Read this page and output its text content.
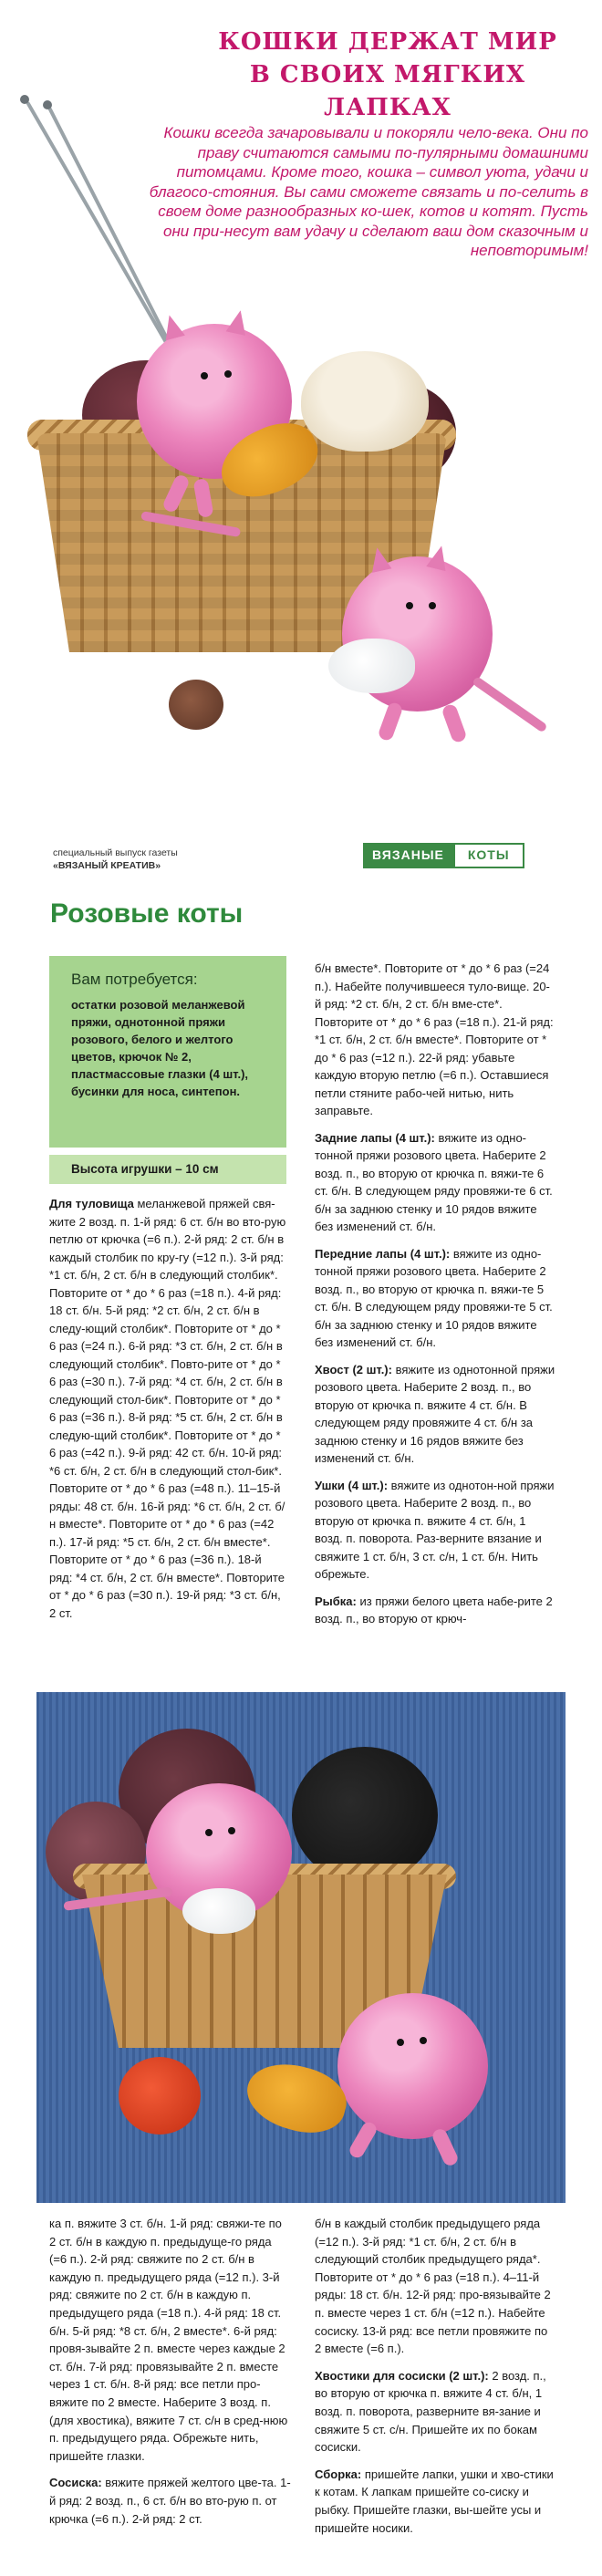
КОШКИ ДЕРЖАТ МИР
В СВОИХ МЯГКИХ ЛАПКАХ

Кошки всегда зачаровывали и покоряли чело-века. Они по праву считаются самыми по-пулярными домашними питомцами. Кроме того, кошка – символ уюта, удачи и благосо-стояния. Вы сами сможете связать и по-селить в своем доме разнообразных ко-шек, котов и котят. Пусть они при-несут вам удачу и сделают ваш дом сказочным и неповторимым!

специальный выпуск газеты
«ВЯЗАНЫЙ КРЕАТИВ»
ВЯЗАНЫЕ	КОТЫ
Розовые коты
Вам потребуется:
остатки розовой меланжевой пряжи, однотонной пряжи розового, белого и желтого цветов, крючок № 2, пластмассовые глазки (4 шт.), бусинки для носа, синтепон.
Высота игрушки – 10 см

Для туловища меланжевой пряжей свя-жите 2 возд. п. 1-й ряд: 6 ст. б/н во вто-рую петлю от крючка (=6 п.). 2-й ряд: 2 ст. б/н в каждый столбик по кру-гу (=12 п.). 3-й ряд: *1 ст. б/н, 2 ст. б/н в следующий столбик*. Повторите от * до * 6 раз (=18 п.). 4-й ряд: 18 ст. б/н. 5-й ряд: *2 ст. б/н, 2 ст. б/н в следу-ющий столбик*. Повторите от * до * 6 раз (=24 п.). 6-й ряд: *3 ст. б/н, 2 ст. б/н в следующий столбик*. Повто-рите от * до * 6 раз (=30 п.). 7-й ряд: *4 ст. б/н, 2 ст. б/н в следующий стол-бик*. Повторите от * до * 6 раз (=36 п.). 8-й ряд: *5 ст. б/н, 2 ст. б/н в следую-щий столбик*. Повторите от * до * 6 раз (=42 п.). 9-й ряд: 42 ст. б/н. 10-й ряд: *6 ст. б/н, 2 ст. б/н в следующий стол-бик*. Повторите от * до * 6 раз (=48 п.). 11–15-й ряды: 48 ст. б/н. 16-й ряд: *6 ст. б/н, 2 ст. б/н вместе*. Повторите от * до * 6 раз (=42 п.). 17-й ряд: *5 ст. б/н, 2 ст. б/н вместе*. Повторите от * до * 6 раз (=36 п.). 18-й ряд: *4 ст. б/н, 2 ст. б/н вместе*. Повторите от * до * 6 раз (=30 п.). 19-й ряд: *3 ст. б/н, 2 ст.

б/н вместе*. Повторите от * до * 6 раз (=24 п.). Набейте получившееся туло-вище. 20-й ряд: *2 ст. б/н, 2 ст. б/н вме-сте*. Повторите от * до * 6 раз (=18 п.). 21-й ряд: *1 ст. б/н, 2 ст. б/н вместе*. Повторите от * до * 6 раз (=12 п.). 22-й ряд: убавьте каждую вторую петлю (=6 п.). Оставшиеся петли стяните рабо-чей нитью, нить заправьте.

Задние лапы (4 шт.): вяжите из одно-тонной пряжи розового цвета. Наберите 2 возд. п., во вторую от крючка п. вяжи-те 6 ст. б/н. В следующем ряду провяжи-те 6 ст. б/н за заднюю стенку и 10 рядов вяжите без изменений ст. б/н.

Передние лапы (4 шт.): вяжите из одно-тонной пряжи розового цвета. Наберите 2 возд. п., во вторую от крючка п. вяжи-те 5 ст. б/н. В следующем ряду провяжи-те 5 ст. б/н за заднюю стенку и 10 рядов вяжите без изменений ст. б/н.

Хвост (2 шт.): вяжите из однотонной пряжи розового цвета. Наберите 2 возд. п., во вторую от крючка п. вяжите 4 ст. б/н. В следующем ряду провяжите 4 ст. б/н за заднюю стенку и 16 рядов вяжите без изменений ст. б/н.

Ушки (4 шт.): вяжите из однотон-ной пряжи розового цвета. Наберите 2 возд. п., во вторую от крючка п. вяжите 4 ст. б/н, 1 возд. п. поворота. Раз-верните вязание и свяжите 1 ст. б/н, 3 ст. с/н, 1 ст. б/н. Нить обрежьте.

Рыбка: из пряжи белого цвета набе-рите 2 возд. п., во вторую от крюч-

ка п. вяжите 3 ст. б/н. 1-й ряд: свяжи-те по 2 ст. б/н в каждую п. предыдуще-го ряда (=6 п.). 2-й ряд: свяжите по 2 ст. б/н в каждую п. предыдущего ряда (=12 п.). 3-й ряд: свяжите по 2 ст. б/н в каждую п. предыдущего ряда (=18 п.). 4-й ряд: 18 ст. б/н. 5-й ряд: *8 ст. б/н, 2 вместе*. 6-й ряд: провя-зывайте 2 п. вместе через каждые 2 ст. б/н. 7-й ряд: провязывайте 2 п. вместе через 1 ст. б/н. 8-й ряд: все петли про-вяжите по 2 вместе. Наберите 3 возд. п. (для хвостика), вяжите 7 ст. с/н в сред-нюю п. предыдущего ряда. Обрежьте нить, пришейте глазки.

Сосиска: вяжите пряжей желтого цве-та. 1-й ряд: 2 возд. п., 6 ст. б/н во вто-рую п. от крючка (=6 п.). 2-й ряд: 2 ст.

б/н в каждый столбик предыдущего ряда (=12 п.). 3-й ряд: *1 ст. б/н, 2 ст. б/н в следующий столбик предыдущего ряда*. Повторите от * до * 6 раз (=18 п.). 4–11-й ряды: 18 ст. б/н. 12-й ряд: про-вязывайте 2 п. вместе через 1 ст. б/н (=12 п.). Набейте сосиску. 13-й ряд: все петли провяжите по 2 вместе (=6 п.).

Хвостики для сосиски (2 шт.): 2 возд. п., во вторую от крючка п. вяжите 4 ст. б/н, 1 возд. п. поворота, разверните вя-зание и свяжите 5 ст. с/н. Пришейте их по бокам сосиски.

Сборка: пришейте лапки, ушки и хво-стики к котам. К лапкам пришейте со-сиску и рыбку. Пришейте глазки, вы-шейте усы и пришейте носики.
